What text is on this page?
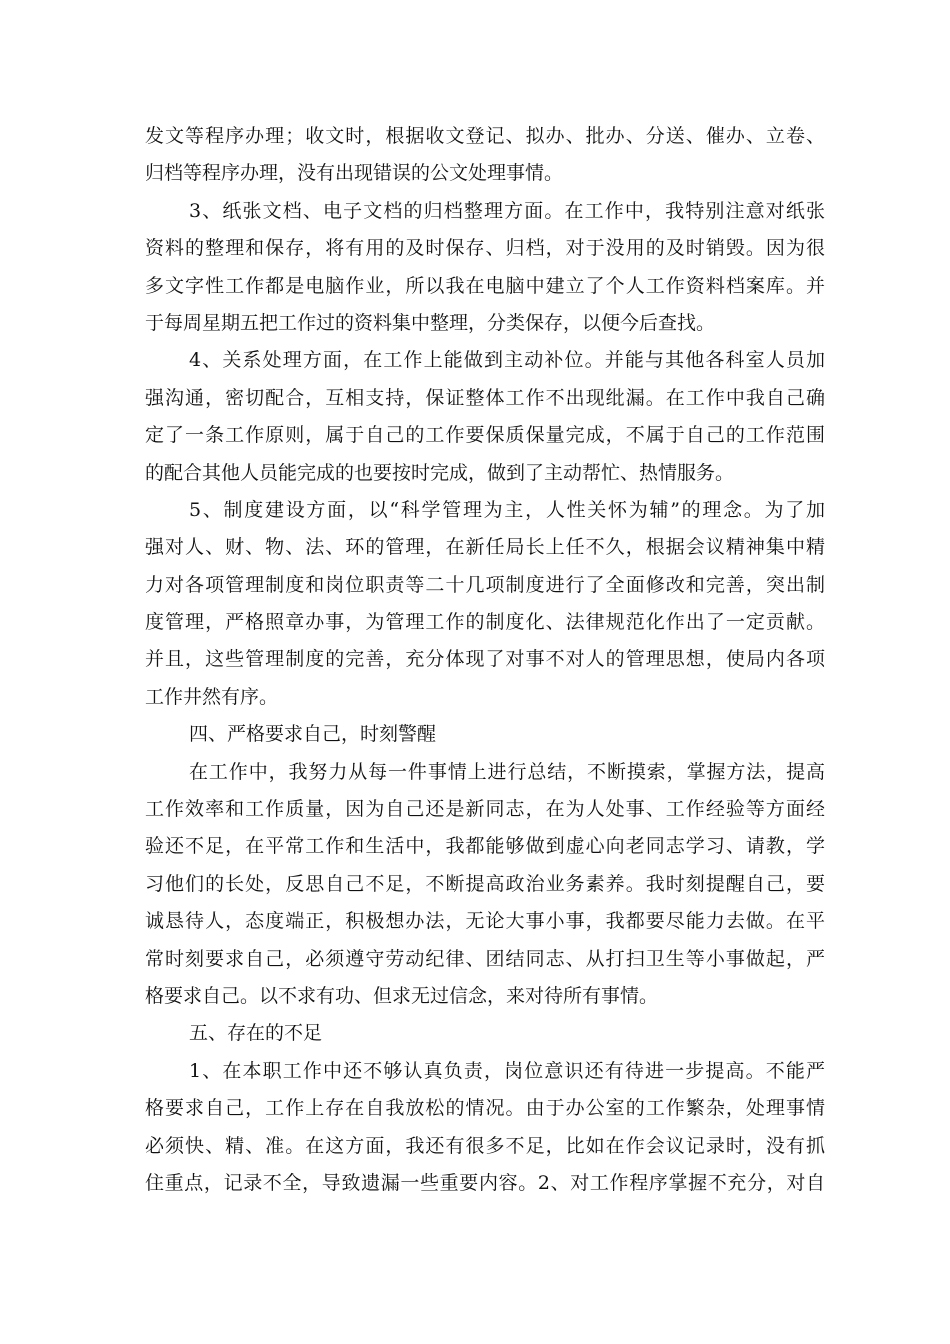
发文等程序办理；收文时，根据收文登记、拟办、批办、分送、催办、立卷、
归档等程序办理，没有出现错误的公文处理事情。
3、纸张文档、电子文档的归档整理方面。在工作中，我特别注意对纸张
资料的整理和保存，将有用的及时保存、归档，对于没用的及时销毁。因为很
多文字性工作都是电脑作业，所以我在电脑中建立了个人工作资料档案库。并
于每周星期五把工作过的资料集中整理，分类保存，以便今后查找。
4、关系处理方面，在工作上能做到主动补位。并能与其他各科室人员加
强沟通，密切配合，互相支持，保证整体工作不出现纰漏。在工作中我自己确
定了一条工作原则，属于自己的工作要保质保量完成，不属于自己的工作范围
的配合其他人员能完成的也要按时完成，做到了主动帮忙、热情服务。
5、制度建设方面，以“科学管理为主，人性关怀为辅”的理念。为了加
强对人、财、物、法、环的管理，在新任局长上任不久，根据会议精神集中精
力对各项管理制度和岗位职责等二十几项制度进行了全面修改和完善，突出制
度管理，严格照章办事，为管理工作的制度化、法律规范化作出了一定贡献。
并且，这些管理制度的完善，充分体现了对事不对人的管理思想，使局内各项
工作井然有序。
四、严格要求自己，时刻警醒
在工作中，我努力从每一件事情上进行总结，不断摸索，掌握方法，提高
工作效率和工作质量，因为自己还是新同志，在为人处事、工作经验等方面经
验还不足，在平常工作和生活中，我都能够做到虚心向老同志学习、请教，学
习他们的长处，反思自己不足，不断提高政治业务素养。我时刻提醒自己，要
诚恳待人，态度端正，积极想办法，无论大事小事，我都要尽能力去做。在平
常时刻要求自己，必须遵守劳动纪律、团结同志、从打扫卫生等小事做起，严
格要求自己。以不求有功、但求无过信念，来对待所有事情。
五、存在的不足
1、在本职工作中还不够认真负责，岗位意识还有待进一步提高。不能严
格要求自己，工作上存在自我放松的情况。由于办公室的工作繁杂，处理事情
必须快、精、准。在这方面，我还有很多不足，比如在作会议记录时，没有抓
住重点，记录不全，导致遗漏一些重要内容。2、对工作程序掌握不充分，对自
